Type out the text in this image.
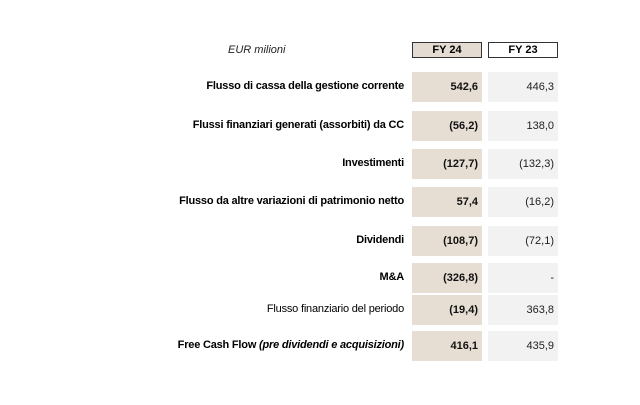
EUR milioni	FY 24	FY 23
Flusso di cassa della gestione corrente	542,6	446,3
Flussi finanziari generati (assorbiti) da CC	(56,2)	138,0
Investimenti	(127,7)	(132,3)
Flusso da altre variazioni di patrimonio netto	57,4	(16,2)
Dividendi	(108,7)	(72,1)
M&A	(326,8)	-
Flusso finanziario del periodo	(19,4)	363,8
Free Cash Flow (pre dividendi e acquisizioni)	416,1	435,9
